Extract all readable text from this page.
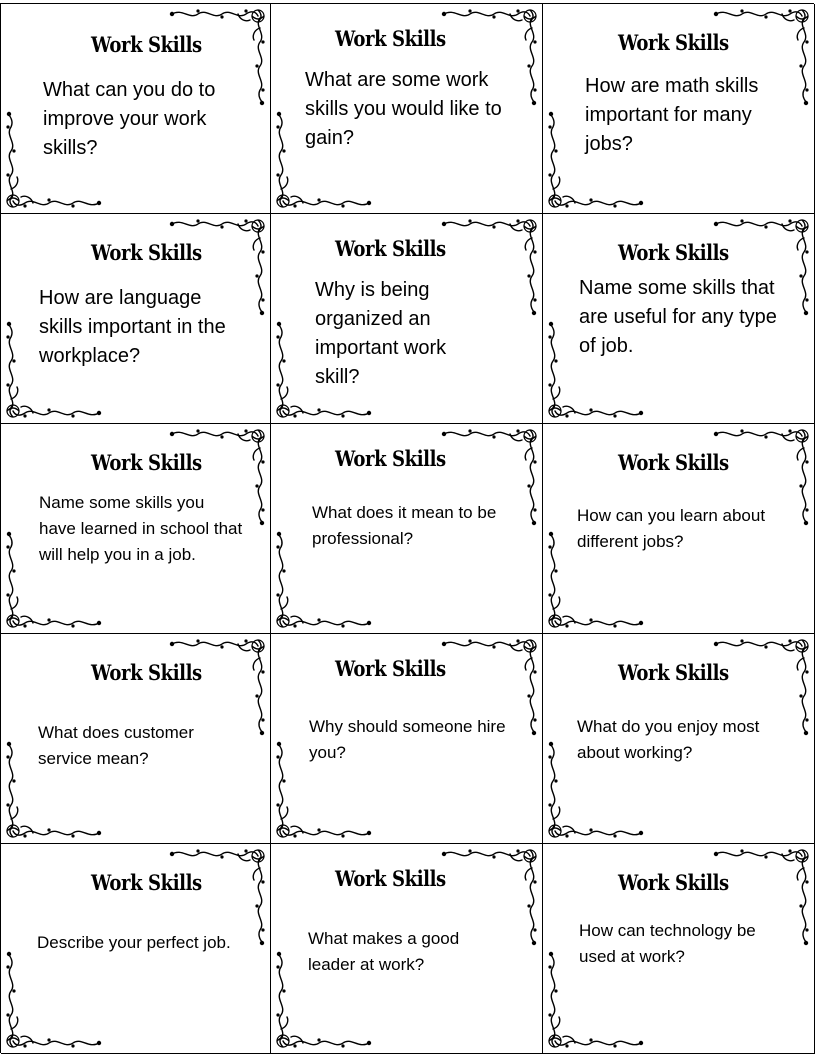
Work Skills
What can you do to improve your work skills?
Work Skills
What are some work skills you would like to gain?
Work Skills
How are math skills important for many jobs?
Work Skills
How are language skills important in the workplace?
Work Skills
Why is being organized an important work skill?
Work Skills
Name some skills that are useful for any type of job.
Work Skills
Name some skills you have learned in school that will help you in a job.
Work Skills
What does it mean to be professional?
Work Skills
How can you learn about different jobs?
Work Skills
What does customer service mean?
Work Skills
Why should someone hire you?
Work Skills
What do you enjoy most about working?
Work Skills
Describe your perfect job.
Work Skills
What makes a good leader at work?
Work Skills
How can technology be used at work?
